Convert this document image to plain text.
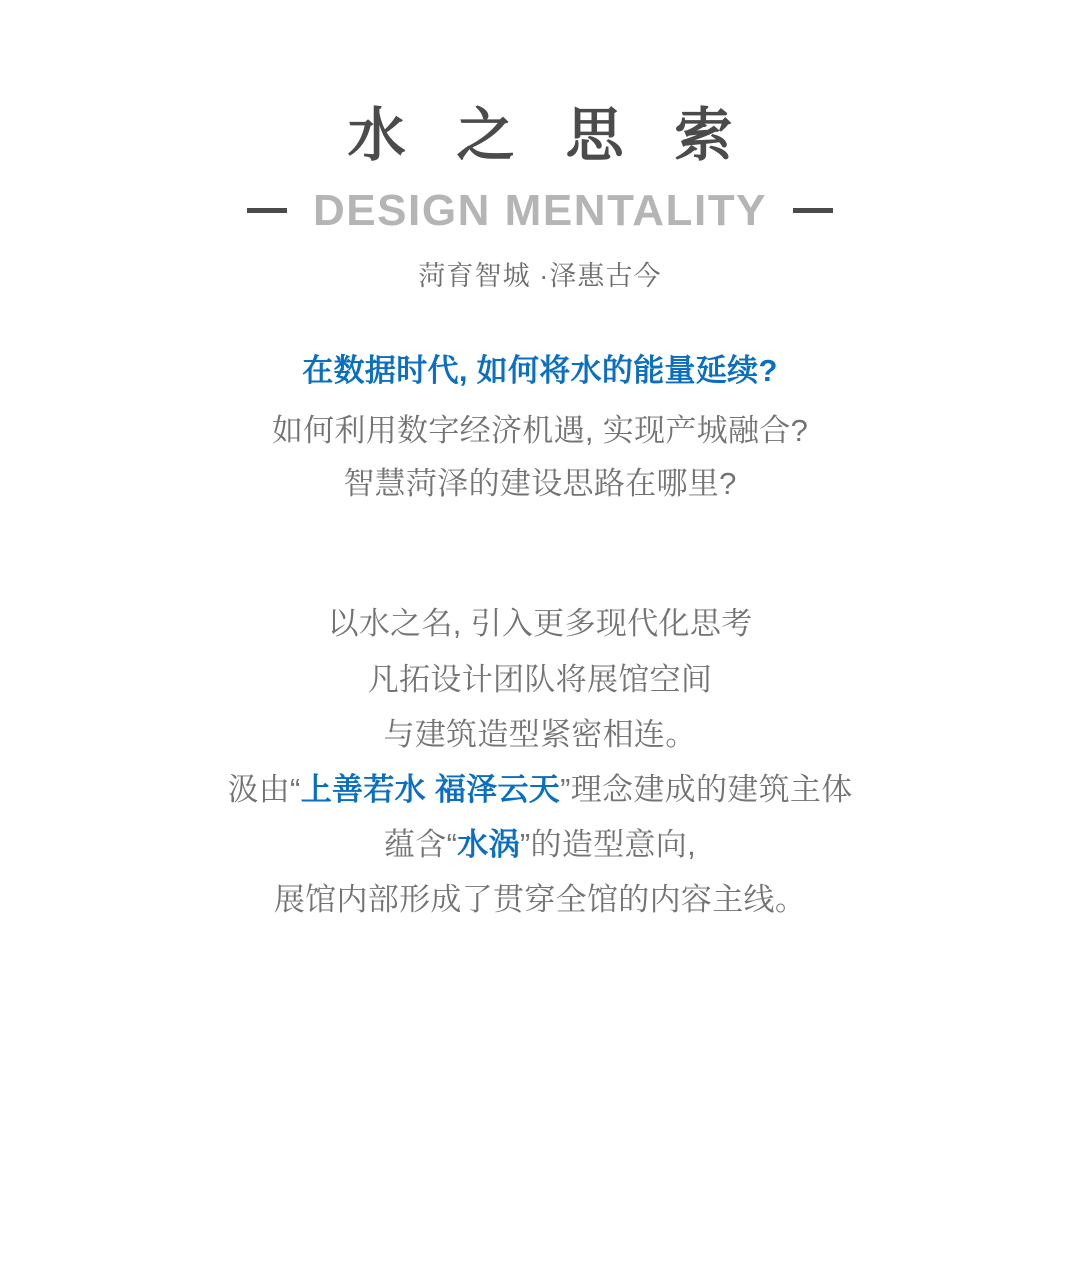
水 之 思 索
DESIGN MENTALITY
菏育智城 ·泽惠古今
在数据时代, 如何将水的能量延续?
如何利用数字经济机遇, 实现产城融合?
智慧菏泽的建设思路在哪里?
以水之名, 引入更多现代化思考
凡拓设计团队将展馆空间
与建筑造型紧密相连。
汲由“上善若水 福泽云天”理念建成的建筑主体
蕴含“水涡”的造型意向,
展馆内部形成了贯穿全馆的内容主线。
